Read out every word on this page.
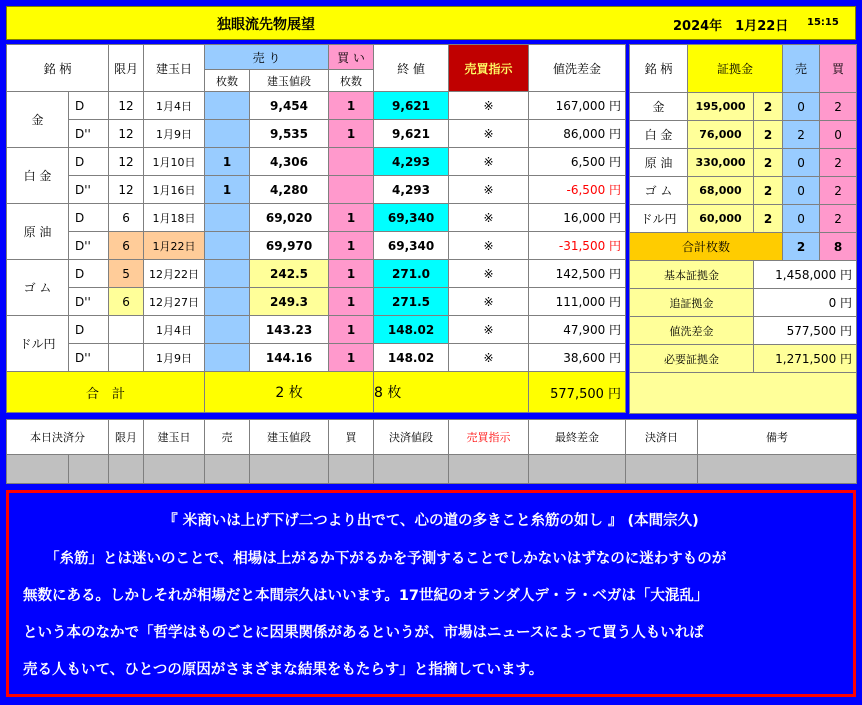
独眼流先物展望	2024年　1月22日 15:15
銘 柄		限月	建玉日	売 り		買 い	終 値	売買指示	値洗差金
				枚数	建玉値段	枚数			
金	D	12	1月4日		9,454	1	9,621	※	167,000 円
	D''	12	1月9日		9,535	1	9,621	※	86,000 円
白 金	D	12	1月10日	1	4,306		4,293	※	6,500 円
	D''	12	1月16日	1	4,280		4,293	※	-6,500 円
原 油	D	6	1月18日		69,020	1	69,340	※	16,000 円
	D''	6	1月22日		69,970	1	69,340	※	-31,500 円
ゴ ム	D	5	12月22日		242.5	1	271.0	※	142,500 円
	D''	6	12月27日		249.3	1	271.5	※	111,000 円
ドル円	D		1月4日		143.23	1	148.02	※	47,900 円
	D''		1月9日		144.16	1	148.02	※	38,600 円
合　計				2 枚			8 枚		577,500 円
銘 柄	証拠金		売	買
金	195,000	2	0	2
白 金	76,000	2	2	0
原 油	330,000	2	0	2
ゴ ム	68,000	2	0	2
ドル円	60,000	2	0	2
合計枚数			2	8
基本証拠金		1,458,000 円		
追証拠金		0 円		
値洗差金		577,500 円		
必要証拠金		1,271,500 円		

本日決済分		限月	建玉日	売	建玉値段	買	決済値段	売買指示	最終差金	決済日	備考

『 米商いは上げ下げ二つより出でて、心の道の多きこと糸筋の如し 』 (本間宗久)
「糸筋」とは迷いのことで、相場は上がるか下がるかを予測することでしかないはずなのに迷わすものが
無数にある。しかしそれが相場だと本間宗久はいいます。17世紀のオランダ人デ・ラ・ベガは「大混乱」
という本のなかで「哲学はものごとに因果関係があるというが、市場はニュースによって買う人もいれば
売る人もいて、ひとつの原因がさまざまな結果をもたらす」と指摘しています。
